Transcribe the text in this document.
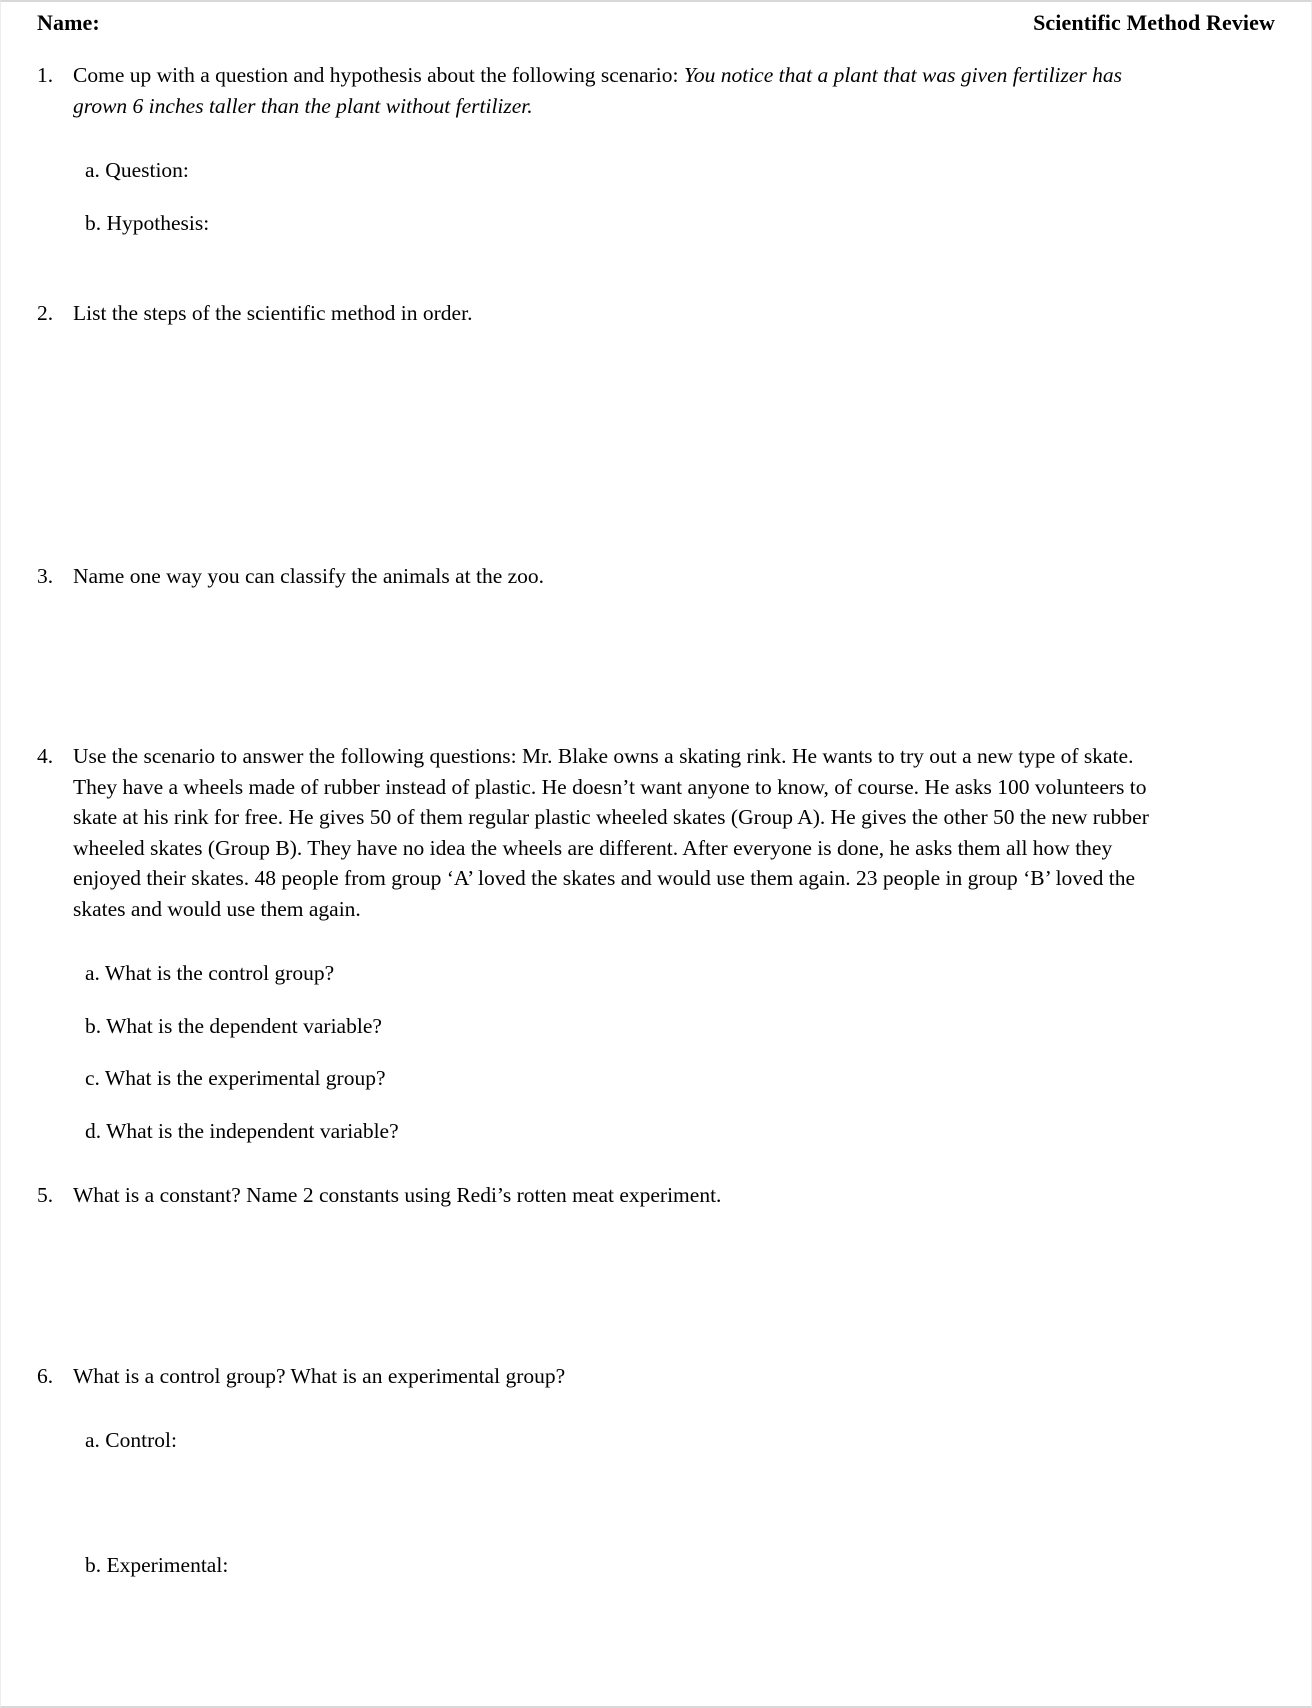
Name:	Scientific Method Review
1. Come up with a question and hypothesis about the following scenario: You notice that a plant that was given fertilizer has grown 6 inches taller than the plant without fertilizer.
a. Question:
b. Hypothesis:
2. List the steps of the scientific method in order.
3. Name one way you can classify the animals at the zoo.
4. Use the scenario to answer the following questions: Mr. Blake owns a skating rink. He wants to try out a new type of skate. They have a wheels made of rubber instead of plastic. He doesn’t want anyone to know, of course. He asks 100 volunteers to skate at his rink for free. He gives 50 of them regular plastic wheeled skates (Group A). He gives the other 50 the new rubber wheeled skates (Group B). They have no idea the wheels are different. After everyone is done, he asks them all how they enjoyed their skates. 48 people from group ‘A’ loved the skates and would use them again. 23 people in group ‘B’ loved the skates and would use them again.
a. What is the control group?
b. What is the dependent variable?
c. What is the experimental group?
d. What is the independent variable?
5. What is a constant? Name 2 constants using Redi’s rotten meat experiment.
6. What is a control group? What is an experimental group?
a. Control:
b. Experimental:
